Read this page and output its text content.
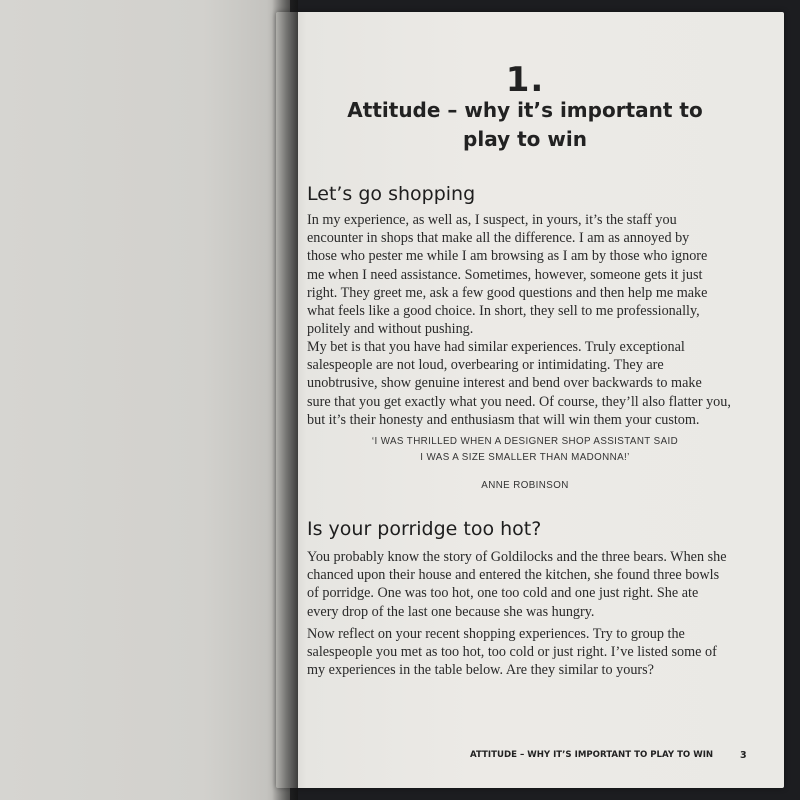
1.
Attitude – why it’s important to
play to win
Let’s go shopping
In my experience, as well as, I suspect, in yours, it’s the staff you
encounter in shops that make all the difference. I am as annoyed by
those who pester me while I am browsing as I am by those who ignore
me when I need assistance. Sometimes, however, someone gets it just
right. They greet me, ask a few good questions and then help me make
what feels like a good choice. In short, they sell to me professionally,
politely and without pushing.
My bet is that you have had similar experiences. Truly exceptional
salespeople are not loud, overbearing or intimidating. They are
unobtrusive, show genuine interest and bend over backwards to make
sure that you get exactly what you need. Of course, they’ll also flatter you,
but it’s their honesty and enthusiasm that will win them your custom.
‘I WAS THRILLED WHEN A DESIGNER SHOP ASSISTANT SAID
I WAS A SIZE SMALLER THAN MADONNA!’
ANNE ROBINSON
Is your porridge too hot?
You probably know the story of Goldilocks and the three bears. When she
chanced upon their house and entered the kitchen, she found three bowls
of porridge. One was too hot, one too cold and one just right. She ate
every drop of the last one because she was hungry.
Now reflect on your recent shopping experiences. Try to group the
salespeople you met as too hot, too cold or just right. I’ve listed some of
my experiences in the table below. Are they similar to yours?
ATTITUDE – WHY IT’S IMPORTANT TO PLAY TO WIN	3
